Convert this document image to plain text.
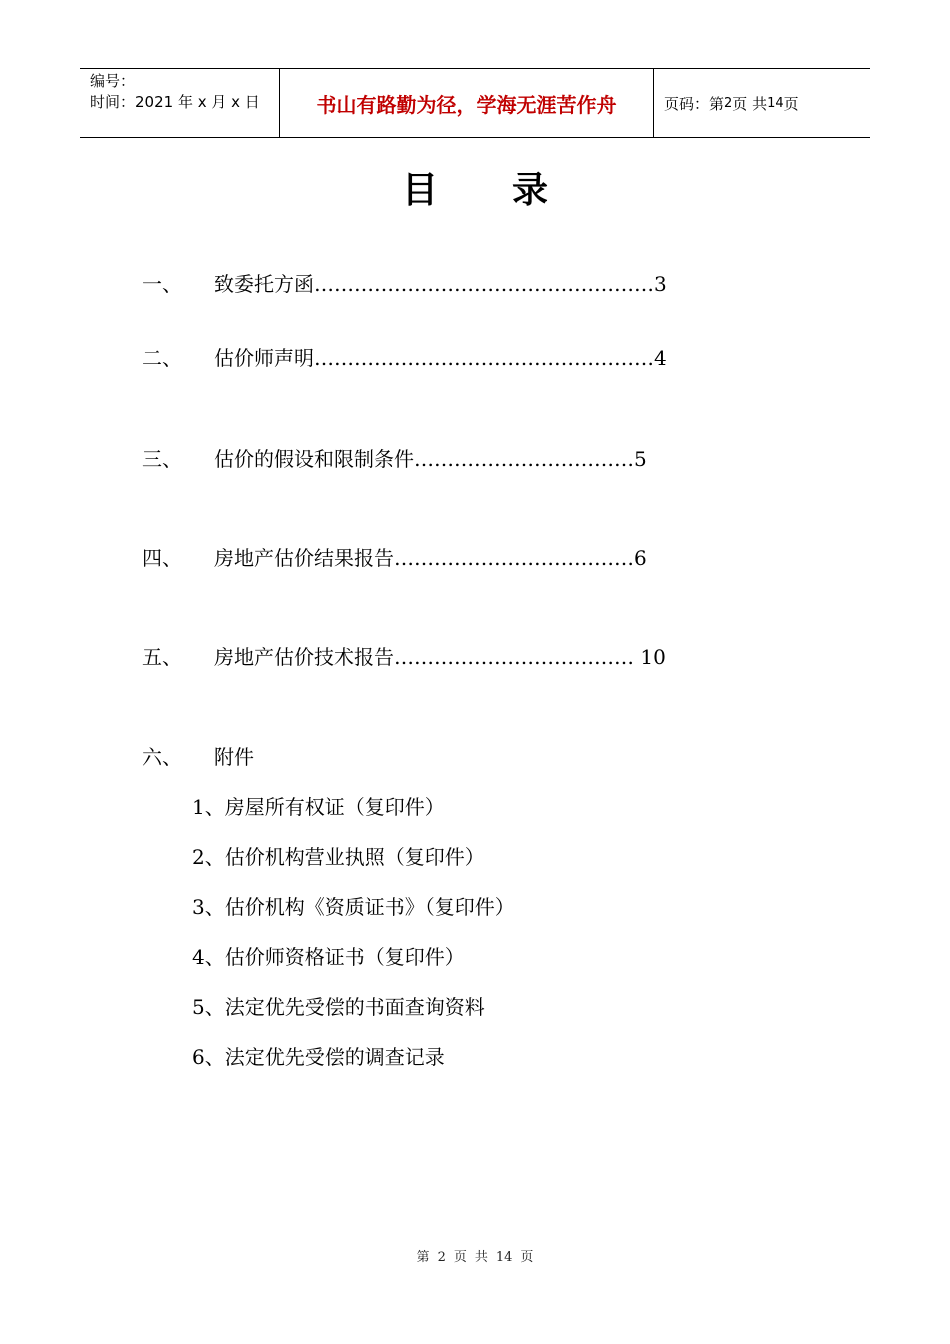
编号：
时间：2021 年 x 月 x 日	书山有路勤为径，学海无涯苦作舟	页码：第 2 页 共 14 页
目 录
一、	致委托方函……………………………………………3
二、	估价师声明……………………………………………4
三、	估价的假设和限制条件……………………………5
四、	房地产估价结果报告………………………………6
五、	房地产估价技术报告……………………………… 10
六、	附件
1、房屋所有权证（复印件）
2、估价机构营业执照（复印件）
3、估价机构《资质证书》（复印件）
4、估价师资格证书（复印件）
5、法定优先受偿的书面查询资料
6、法定优先受偿的调查记录
第 2 页 共 14 页
